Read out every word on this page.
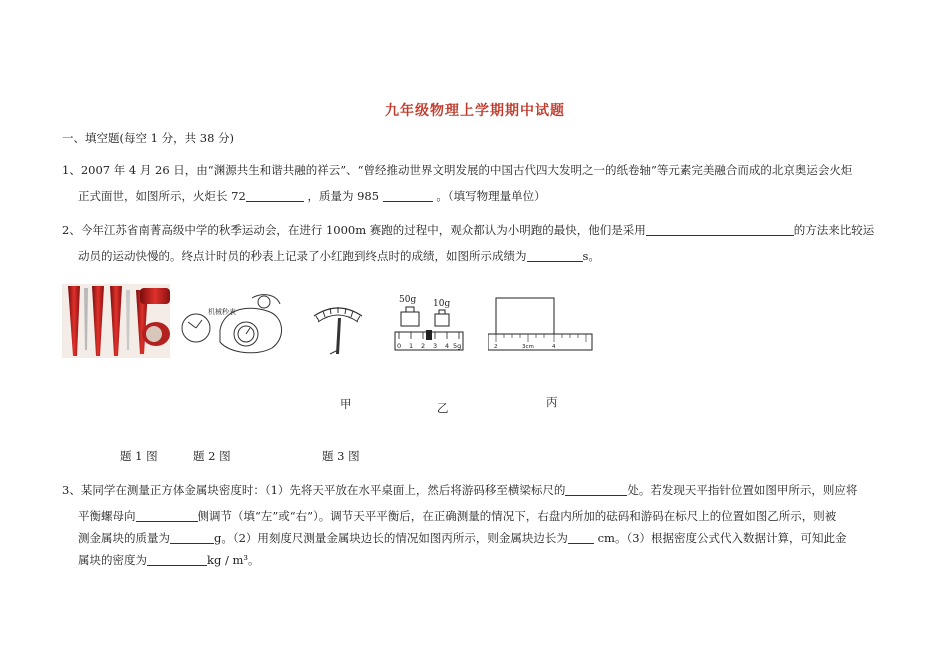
九年级物理上学期期中试题
一、填空题(每空 1 分，共 38 分)
1、2007 年 4 月 26 日，由“渊源共生和谐共融的祥云”、“曾经推动世界文明发展的中国古代四大发明之一的纸卷轴”等元素完美融合而成的北京奥运会火炬
正式面世，如图所示，火炬长 72	，质量为 985	。（填写物理量单位）
2、今年江苏省南菁高级中学的秋季运动会，在进行 1000m 赛跑的过程中，观众都认为小明跑的最快，他们是采用	的方法来比较运
动员的运动快慢的。终点计时员的秒表上记录了小红跑到终点时的成绩，如图所示成绩为	s。
机械秒表
50g 10g
0 1 2 3 4 5g	2	3cm	4
甲	乙	丙
题 1 图	题 2 图	题 3 图
3、某同学在测量正方体金属块密度时：（1）先将天平放在水平桌面上，然后将游码移至横梁标尺的	处。若发现天平指针位置如图甲所示，则应将
平衡螺母向	侧调节（填“左”或“右”）。调节天平平衡后，在正确测量的情况下，右盘内所加的砝码和游码在标尺上的位置如图乙所示，则被
测金属块的质量为	g。（2）用刻度尺测量金属块边长的情况如图丙所示，则金属块边长为	cm。（3）根据密度公式代入数据计算，可知此金
属块的密度为	kg / m³。
